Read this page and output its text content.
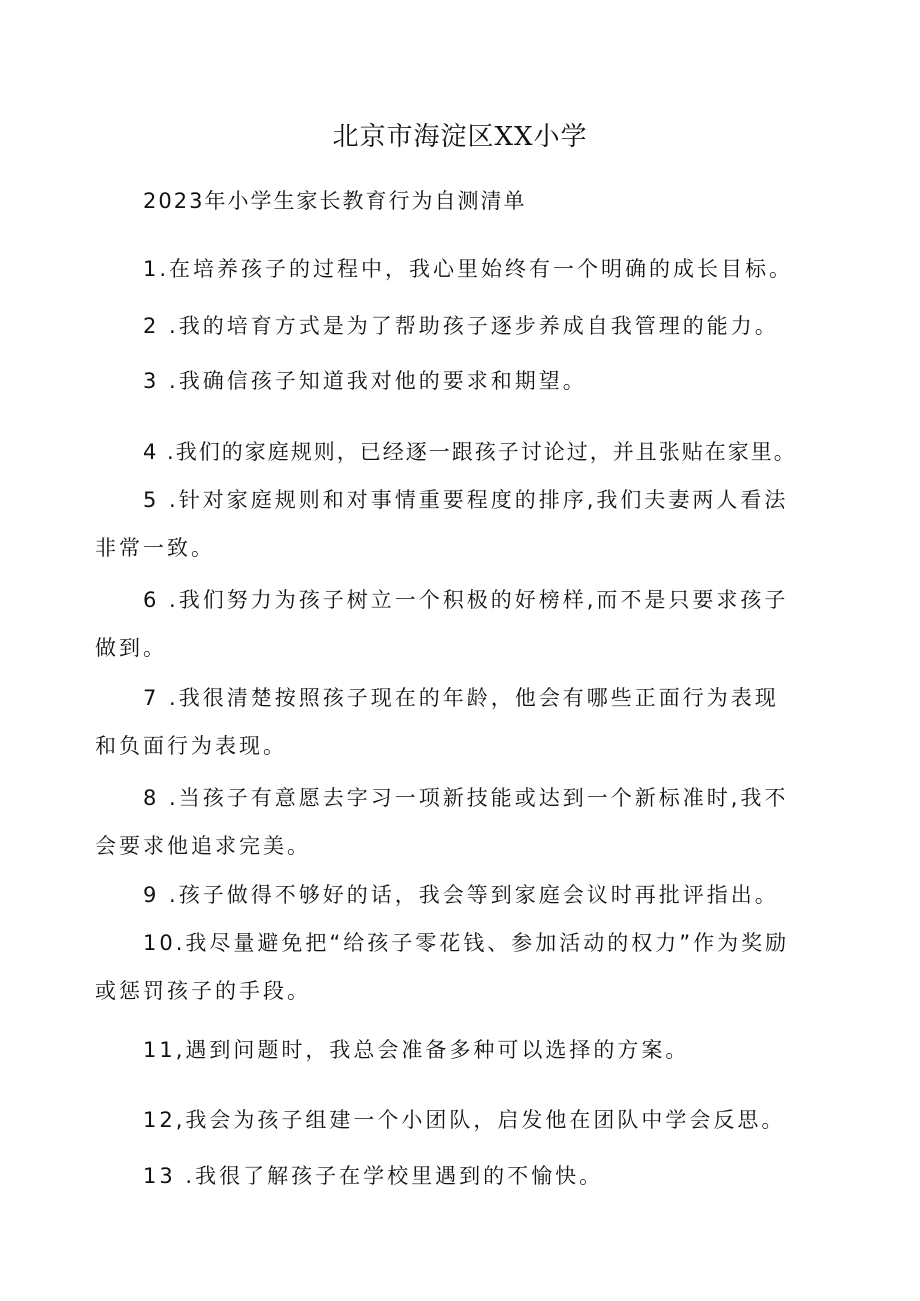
北京市海淀区XX小学
2023年小学生家长教育行为自测清单
1.在培养孩子的过程中，我心里始终有一个明确的成长目标。
2 .我的培育方式是为了帮助孩子逐步养成自我管理的能力。
3 .我确信孩子知道我对他的要求和期望。
4 .我们的家庭规则，已经逐一跟孩子讨论过，并且张贴在家里。
5 .针对家庭规则和对事情重要程度的排序,我们夫妻两人看法非常一致。
6 .我们努力为孩子树立一个积极的好榜样,而不是只要求孩子做到。
7 .我很清楚按照孩子现在的年龄，他会有哪些正面行为表现和负面行为表现。
8 .当孩子有意愿去字习一项新技能或达到一个新标准时,我不会要求他追求完美。
9 .孩子做得不够好的话，我会等到家庭会议时再批评指出。
10.我尽量避免把“给孩子零花钱、参加活动的权力”作为奖励或惩罚孩子的手段。
11,遇到问题时，我总会准备多种可以选择的方案。
12,我会为孩子组建一个小团队，启发他在团队中学会反思。
13 .我很了解孩子在学校里遇到的不愉快。
